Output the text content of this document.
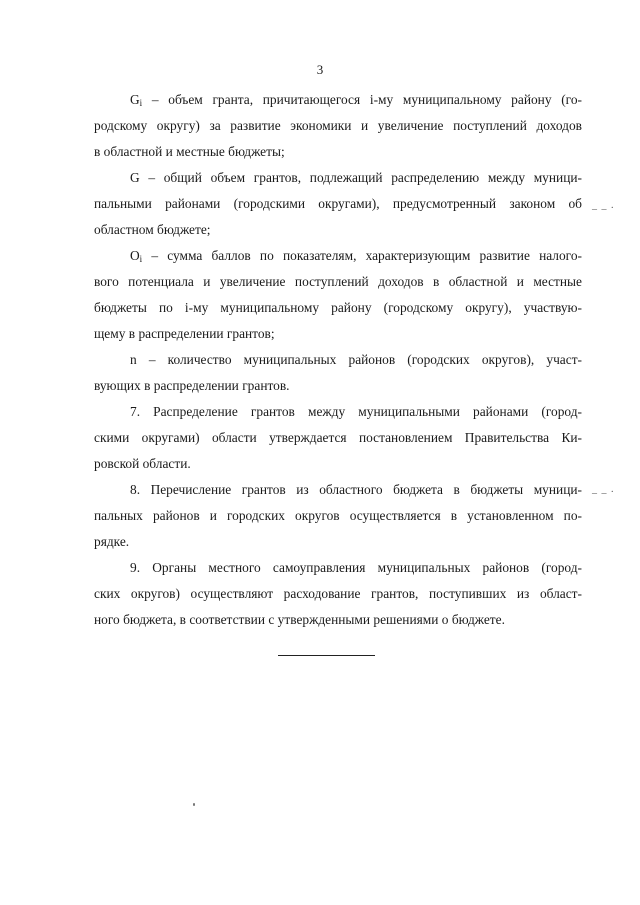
3
$G_i$ – объем гранта, причитающегося i-му муниципальному району (го-
родскому округу) за развитие экономики и увеличение поступлений доходов
в областной и местные бюджеты;
G – общий объем грантов, подлежащий распределению между муници-
пальными районами (городскими округами), предусмотренный законом об
областном бюджете;
$O_i$ – сумма баллов по показателям, характеризующим развитие налого-
вого потенциала и увеличение поступлений доходов в областной и местные
бюджеты по i-му муниципальному району (городскому округу), участвую-
щему в распределении грантов;
n – количество муниципальных районов (городских округов), участ-
вующих в распределении грантов.
7. Распределение грантов между муниципальными районами (город-
скими округами) области утверждается постановлением Правительства Ки-
ровской области.
8. Перечисление грантов из областного бюджета в бюджеты муници-
пальных районов и городских округов осуществляется в установленном по-
рядке.
9. Органы местного самоуправления муниципальных районов (город-
ских округов) осуществляют расходование грантов, поступивших из област-
ного бюджета, в соответствии с утвержденными решениями о бюджете.
_ _ .
_ _ .
